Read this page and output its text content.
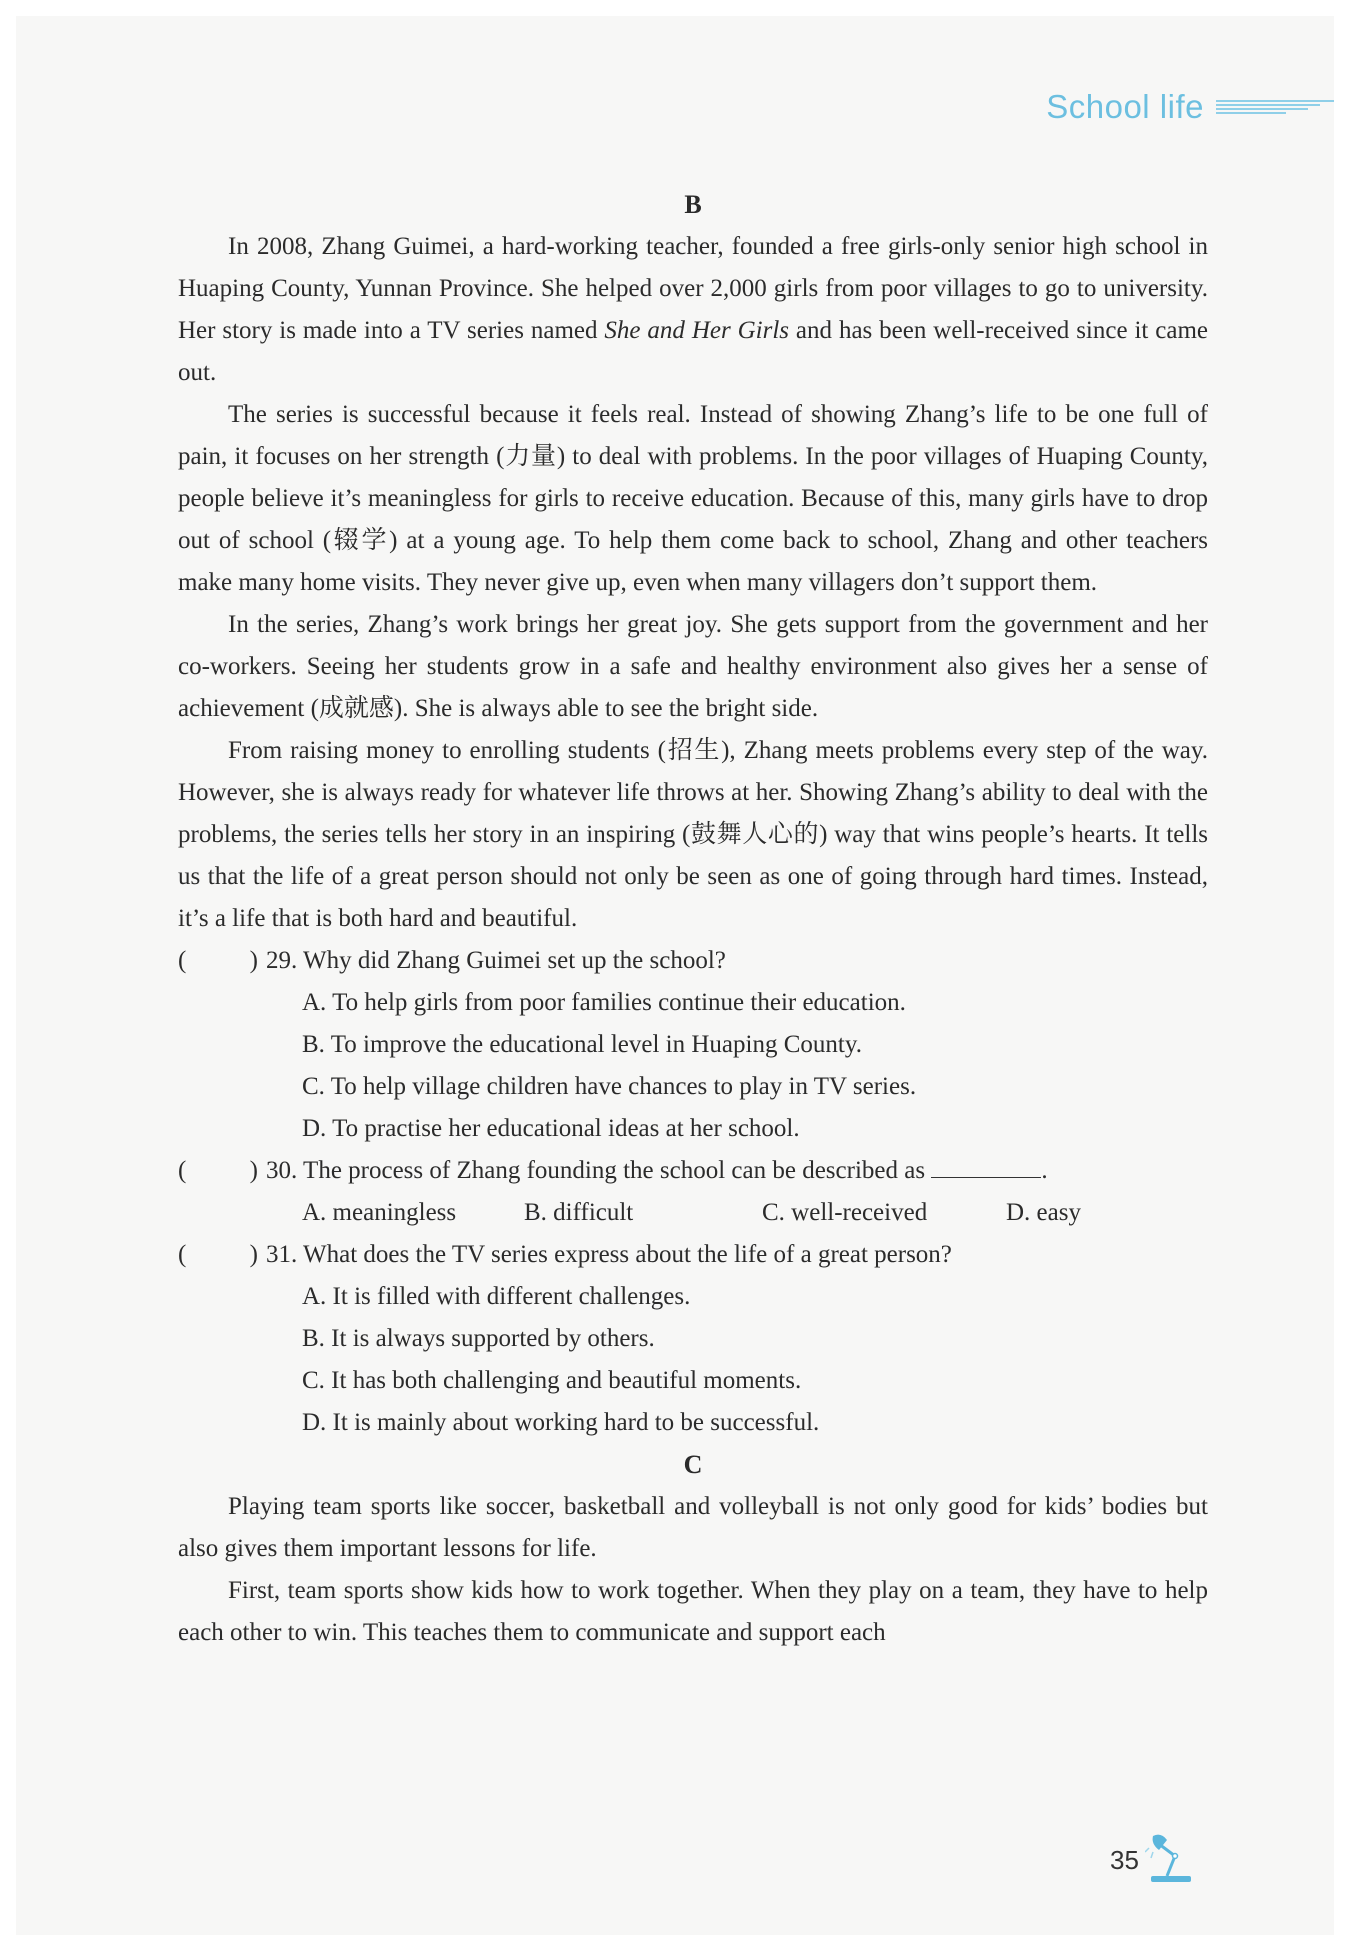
School life
B

In 2008, Zhang Guimei, a hard-working teacher, founded a free girls-only senior high school in Huaping County, Yunnan Province. She helped over 2,000 girls from poor villages to go to university. Her story is made into a TV series named She and Her Girls and has been well-received since it came out.

The series is successful because it feels real. Instead of showing Zhang’s life to be one full of pain, it focuses on her strength (力量) to deal with problems. In the poor villages of Huaping County, people believe it’s meaningless for girls to receive education. Because of this, many girls have to drop out of school (辍学) at a young age. To help them come back to school, Zhang and other teachers make many home visits. They never give up, even when many villagers don’t support them.

In the series, Zhang’s work brings her great joy. She gets support from the government and her co-workers. Seeing her students grow in a safe and healthy environment also gives her a sense of achievement (成就感). She is always able to see the bright side.

From raising money to enrolling students (招生), Zhang meets problems every step of the way. However, she is always ready for whatever life throws at her. Showing Zhang’s ability to deal with the problems, the series tells her story in an inspiring (鼓舞人心的) way that wins people’s hearts. It tells us that the life of a great person should not only be seen as one of going through hard times. Instead, it’s a life that is both hard and beautiful.

(	) 29. Why did Zhang Guimei set up the school?
A. To help girls from poor families continue their education.
B. To improve the educational level in Huaping County.
C. To help village children have chances to play in TV series.
D. To practise her educational ideas at her school.
(	) 30. The process of Zhang founding the school can be described as	.
A. meaningless	B. difficult	C. well-received	D. easy
(	) 31. What does the TV series express about the life of a great person?
A. It is filled with different challenges.
B. It is always supported by others.
C. It has both challenging and beautiful moments.
D. It is mainly about working hard to be successful.
C

Playing team sports like soccer, basketball and volleyball is not only good for kids’ bodies but also gives them important lessons for life.

First, team sports show kids how to work together. When they play on a team, they have to help each other to win. This teaches them to communicate and support each

35
